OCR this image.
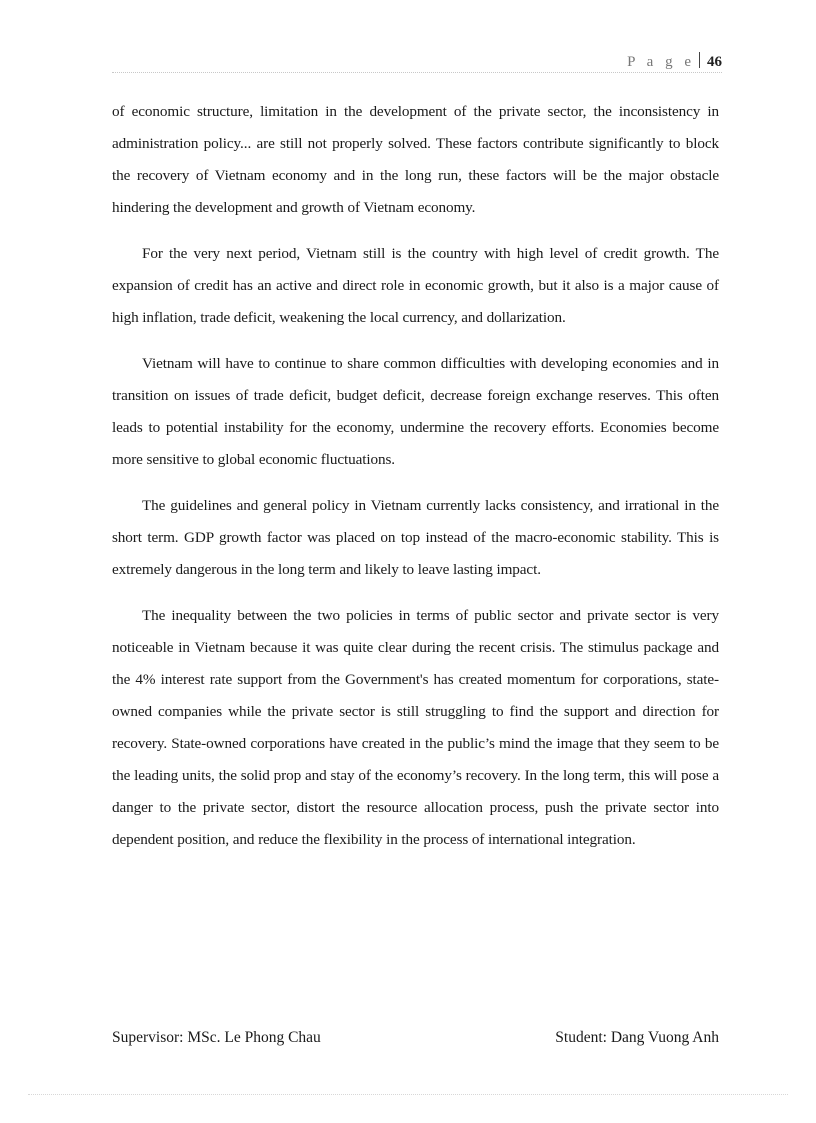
P a g e 46

of economic structure, limitation in the development of the private sector, the inconsistency in administration policy... are still not properly solved. These factors contribute significantly to block the recovery of Vietnam economy and in the long run, these factors will be the major obstacle hindering the development and growth of Vietnam economy.

For the very next period, Vietnam still is the country with high level of credit growth. The expansion of credit has an active and direct role in economic growth, but it also is a major cause of high inflation, trade deficit, weakening the local currency, and dollarization.

Vietnam will have to continue to share common difficulties with developing economies and in transition on issues of trade deficit, budget deficit, decrease foreign exchange reserves. This often leads to potential instability for the economy, undermine the recovery efforts. Economies become more sensitive to global economic fluctuations.

The guidelines and general policy in Vietnam currently lacks consistency, and irrational in the short term. GDP growth factor was placed on top instead of the macro-economic stability. This is extremely dangerous in the long term and likely to leave lasting impact.

The inequality between the two policies in terms of public sector and private sector is very noticeable in Vietnam because it was quite clear during the recent crisis. The stimulus package and the 4% interest rate support from the Government's has created momentum for corporations, state-owned companies while the private sector is still struggling to find the support and direction for recovery. State-owned corporations have created in the public’s mind the image that they seem to be the leading units, the solid prop and stay of the economy’s recovery. In the long term, this will pose a danger to the private sector, distort the resource allocation process, push the private sector into dependent position, and reduce the flexibility in the process of international integration.

Supervisor: MSc. Le Phong Chau	Student: Dang Vuong Anh
